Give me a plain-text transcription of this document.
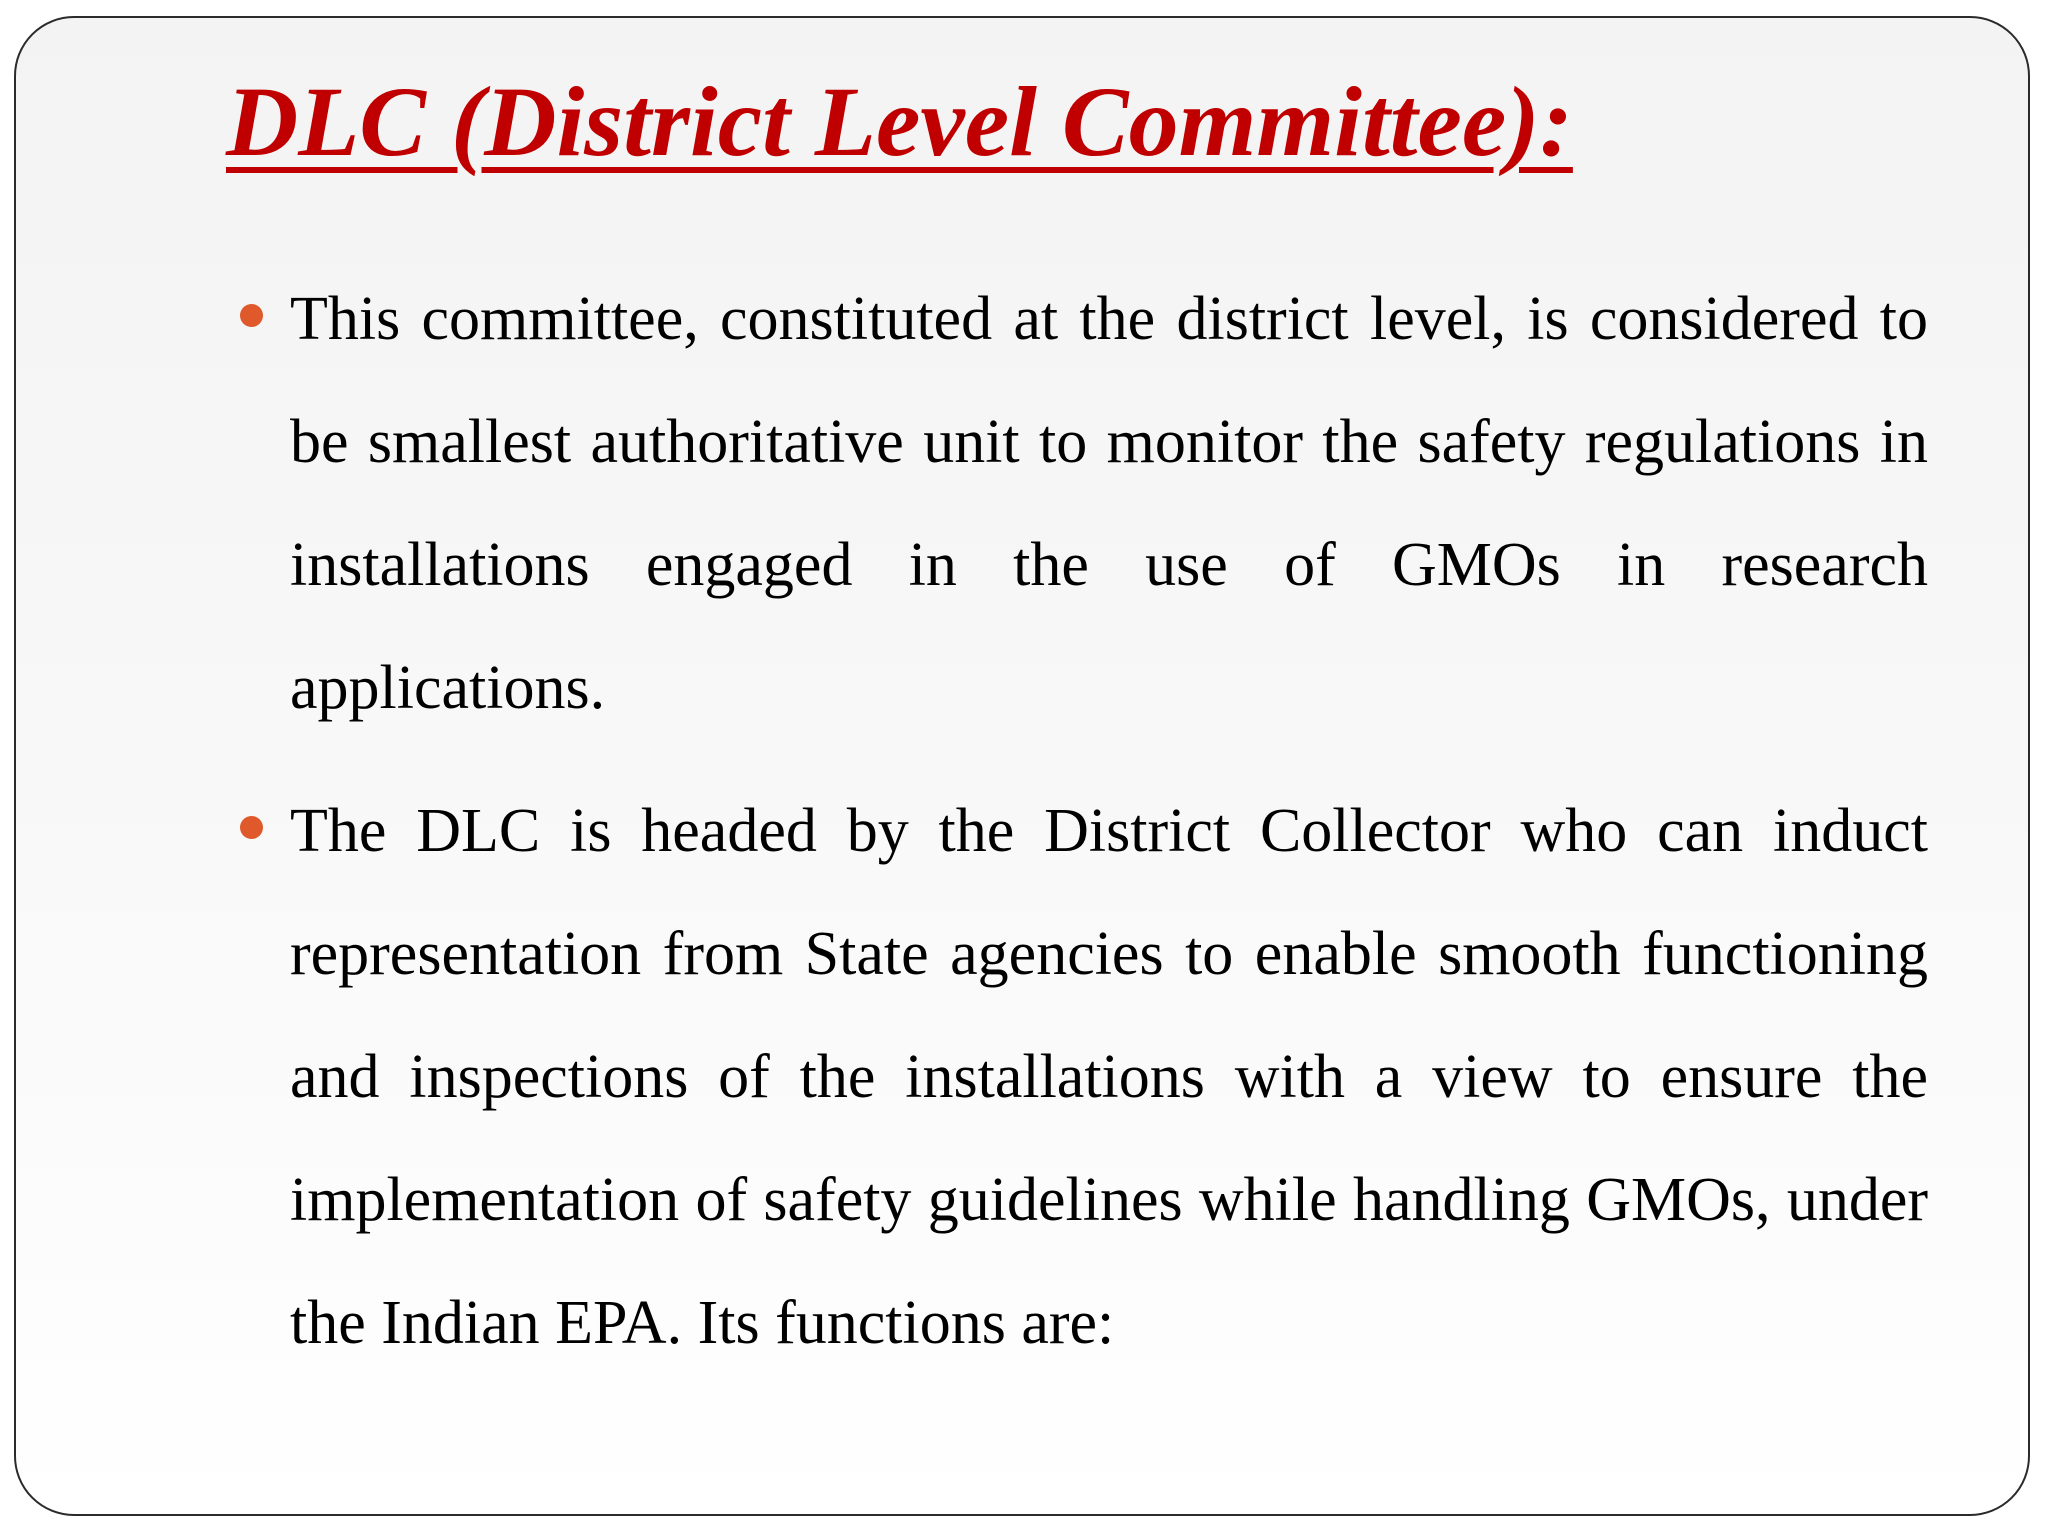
DLC (District Level Committee):
This committee, constituted at the district level, is considered to be smallest authoritative unit to monitor the safety regulations in installations engaged in the use of GMOs in research applications.
The DLC is headed by the District Collector who can induct representation from State agencies to enable smooth functioning and inspections of the installations with a view to ensure the implementation of safety guidelines while handling GMOs, under the Indian EPA. Its functions are:
